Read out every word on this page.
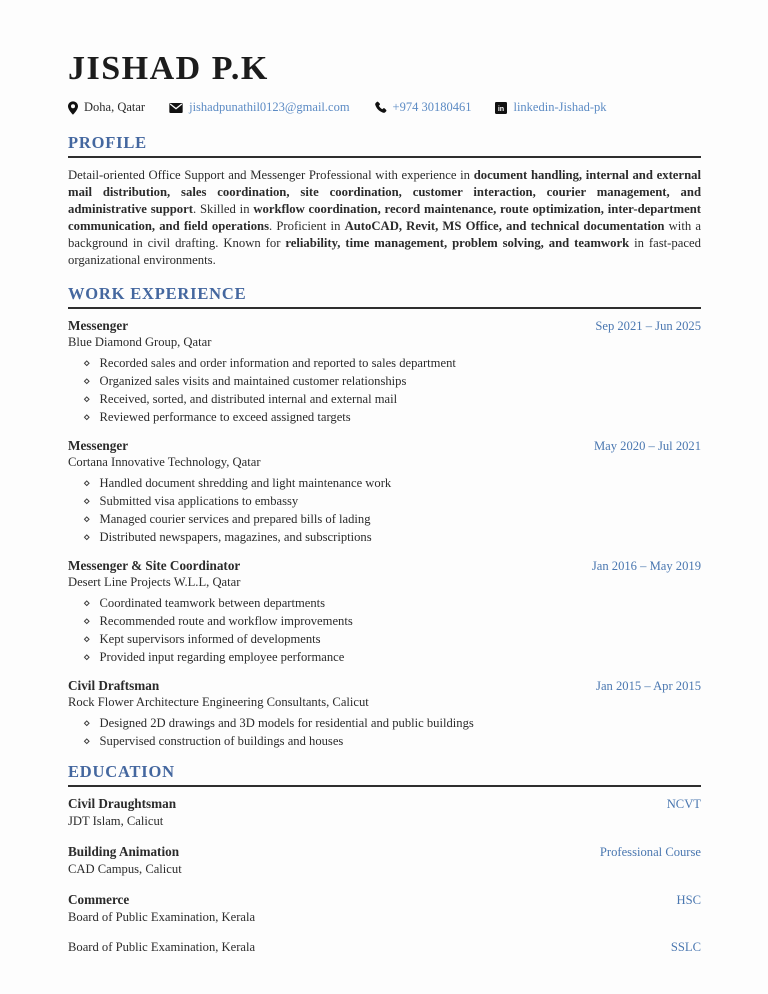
JISHAD P.K
Doha, Qatar	jishadpunathil0123@gmail.com	+974 30180461	in linkedin-Jishad-pk
PROFILE

Detail-oriented Office Support and Messenger Professional with experience in document handling, internal and external mail distribution, sales coordination, site coordination, customer interaction, courier management, and administrative support. Skilled in workflow coordination, record maintenance, route optimization, inter-department communication, and field operations. Proficient in AutoCAD, Revit, MS Office, and technical documentation with a background in civil drafting. Known for reliability, time management, problem solving, and teamwork in fast-paced organizational environments.

WORK EXPERIENCE
Messenger	Sep 2021 – Jun 2025
Blue Diamond Group, Qatar
⋄ Recorded sales and order information and reported to sales department
⋄ Organized sales visits and maintained customer relationships
⋄ Received, sorted, and distributed internal and external mail
⋄ Reviewed performance to exceed assigned targets
Messenger	May 2020 – Jul 2021
Cortana Innovative Technology, Qatar
⋄ Handled document shredding and light maintenance work
⋄ Submitted visa applications to embassy
⋄ Managed courier services and prepared bills of lading
⋄ Distributed newspapers, magazines, and subscriptions
Messenger & Site Coordinator	Jan 2016 – May 2019
Desert Line Projects W.L.L, Qatar
⋄ Coordinated teamwork between departments
⋄ Recommended route and workflow improvements
⋄ Kept supervisors informed of developments
⋄ Provided input regarding employee performance
Civil Draftsman	Jan 2015 – Apr 2015
Rock Flower Architecture Engineering Consultants, Calicut
⋄ Designed 2D drawings and 3D models for residential and public buildings
⋄ Supervised construction of buildings and houses
EDUCATION
Civil Draughtsman	NCVT
JDT Islam, Calicut
Building Animation	Professional Course
CAD Campus, Calicut
Commerce	HSC
Board of Public Examination, Kerala
Board of Public Examination, Kerala	SSLC
